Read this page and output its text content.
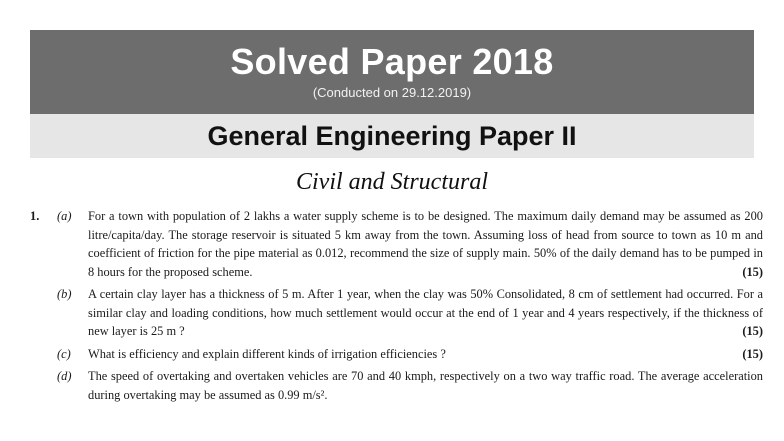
Solved Paper 2018
(Conducted on 29.12.2019)
General Engineering Paper II
Civil and Structural
1.	(a)	For a town with population of 2 lakhs a water supply scheme is to be designed. The maximum daily demand may be assumed as 200 litre/capita/day. The storage reservoir is situated 5 km away from the town. Assuming loss of head from source to town as 10 m and coefficient of friction for the pipe material as 0.012, recommend the size of supply main. 50% of the daily demand has to be pumped in 8 hours for the proposed scheme.	(15)
(b)	A certain clay layer has a thickness of 5 m. After 1 year, when the clay was 50% Consolidated, 8 cm of settlement had occurred. For a similar clay and loading conditions, how much settlement would occur at the end of 1 year and 4 years respectively, if the thickness of new layer is 25 m ?	(15)
(c)	What is efficiency and explain different kinds of irrigation efficiencies ?	(15)
(d)	The speed of overtaking and overtaken vehicles are 70 and 40 kmph, respectively on a two way traffic road. The average acceleration during overtaking may be assumed as 0.99 m/s².
